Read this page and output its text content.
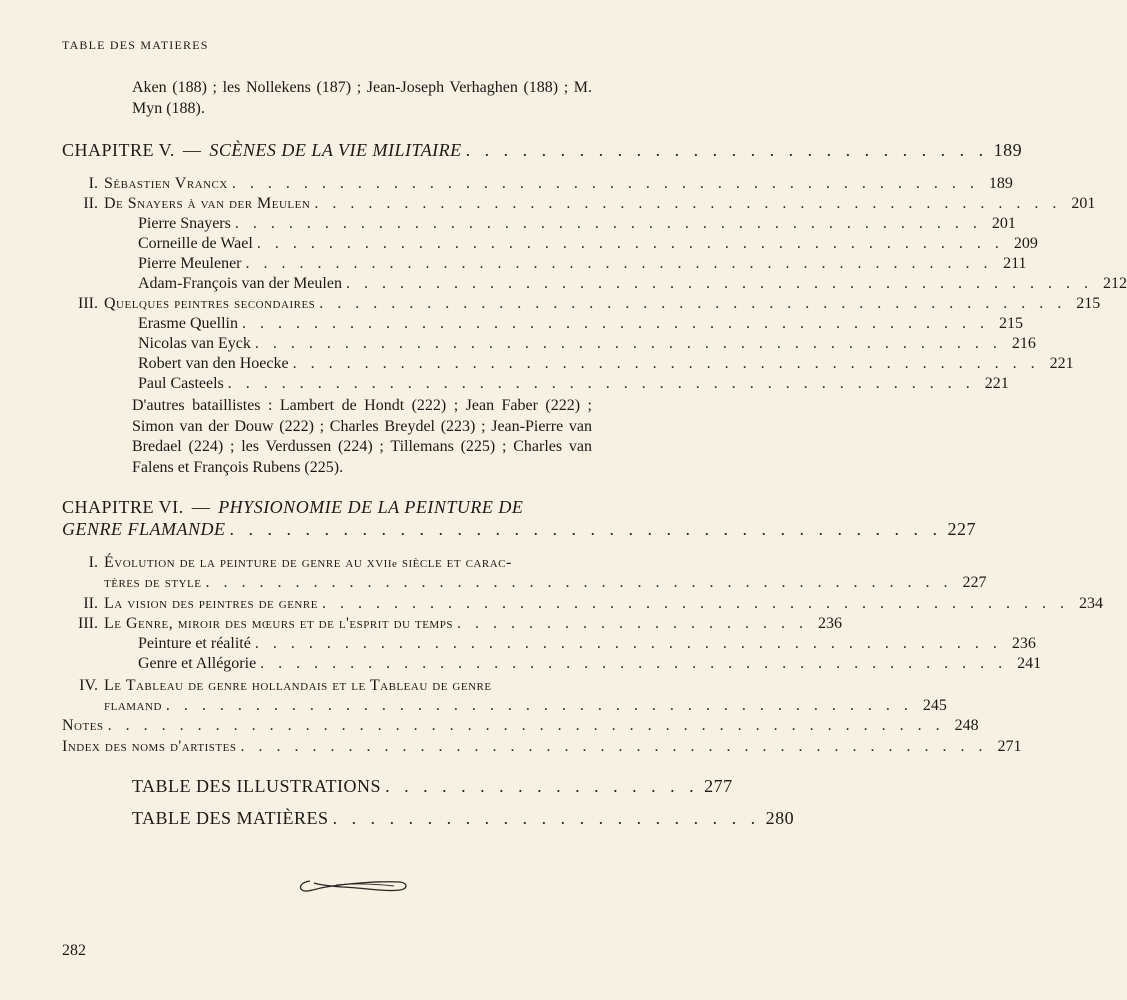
TABLE DES MATIERES
Aken (188) ; les Nollekens (187) ; Jean-Joseph Verhaghen (188) ; M. Myn (188).
CHAPITRE V. — SCÈNES DE LA VIE MILITAIRE . . . . . . . . . . . . . . . . . . . . . . . . . . . . 189
I. Sébastien Vrancx . . . . . . . . . . . . . . . . . . . . . . . . . . . . . . . . . . . . . . . . . . 189
II. De Snayers à van der Meulen . . . . . . . . . . . . . . . . . . . . . . . . . . . . . . . . . . . . . . . . . . 201
Pierre Snayers . . . . . . . . . . . . . . . . . . . . . . . . . . . . . . . . . . . . . . . . . . 201
Corneille de Wael . . . . . . . . . . . . . . . . . . . . . . . . . . . . . . . . . . . . . . . . . . 209
Pierre Meulener . . . . . . . . . . . . . . . . . . . . . . . . . . . . . . . . . . . . . . . . . . 211
Adam-François van der Meulen . . . . . . . . . . . . . . . . . . . . . . . . . . . . . . . . . . . . . . . . . . 212
III. Quelques peintres secondaires . . . . . . . . . . . . . . . . . . . . . . . . . . . . . . . . . . . . . . . . . . 215
Erasme Quellin . . . . . . . . . . . . . . . . . . . . . . . . . . . . . . . . . . . . . . . . . . 215
Nicolas van Eyck . . . . . . . . . . . . . . . . . . . . . . . . . . . . . . . . . . . . . . . . . . 216
Robert van den Hoecke . . . . . . . . . . . . . . . . . . . . . . . . . . . . . . . . . . . . . . . . . . 221
Paul Casteels . . . . . . . . . . . . . . . . . . . . . . . . . . . . . . . . . . . . . . . . . . 221
D'autres bataillistes : Lambert de Hondt (222) ; Jean Faber (222) ; Simon van der Douw (222) ; Charles Breydel (223) ; Jean-Pierre van Bredael (224) ; les Verdussen (224) ; Tillemans (225) ; Charles van Falens et François Rubens (225).
CHAPITRE VI. — PHYSIONOMIE DE LA PEINTURE DE
GENRE FLAMANDE . . . . . . . . . . . . . . . . . . . . . . . . . . . . . . . . . . . . . . 227
I. Évolution de la peinture de genre au xvii e siècle et carac-
tères de style . . . . . . . . . . . . . . . . . . . . . . . . . . . . . . . . . . . . . . . . . . 227
II. La vision des peintres de genre . . . . . . . . . . . . . . . . . . . . . . . . . . . . . . . . . . . . . . . . . . 234
III. Le Genre, miroir des mœurs et de l'esprit du temps . . . . . . . . . . . . . . . . . . . . 236
Peinture et réalité . . . . . . . . . . . . . . . . . . . . . . . . . . . . . . . . . . . . . . . . . . 236
Genre et Allégorie . . . . . . . . . . . . . . . . . . . . . . . . . . . . . . . . . . . . . . . . . . 241
IV. Le Tableau de genre hollandais et le Tableau de genre
flamand . . . . . . . . . . . . . . . . . . . . . . . . . . . . . . . . . . . . . . . . . . 245
Notes . . . . . . . . . . . . . . . . . . . . . . . . . . . . . . . . . . . . . . . . . . . . . . . 248
Index des noms d'artistes . . . . . . . . . . . . . . . . . . . . . . . . . . . . . . . . . . . . . . . . . . 271
TABLE DES ILLUSTRATIONS . . . . . . . . . . . . . . . . . 277
TABLE DES MATIÈRES . . . . . . . . . . . . . . . . . . . . . . . 280
282
